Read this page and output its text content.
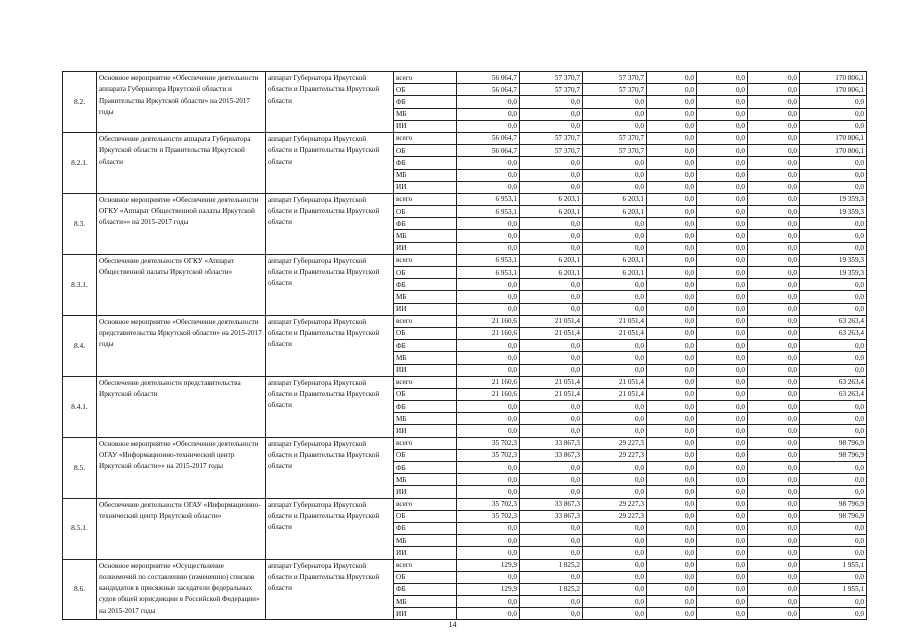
8.2.	Основное мероприятие «Обеспечение деятельности аппарата Губернатора Иркутской области и Правительства Иркутской области» на 2015-2017 годы	аппарат Губернатора Иркутской области и Правительства Иркутской области	всего	56 064,7	57 370,7	57 370,7	0,0	0,0	0,0	170 806,1
			ОБ	56 064,7	57 370,7	57 370,7	0,0	0,0	0,0	170 806,1
			ФБ	0,0	0,0	0,0	0,0	0,0	0,0	0,0
			МБ	0,0	0,0	0,0	0,0	0,0	0,0	0,0
			ИИ	0,0	0,0	0,0	0,0	0,0	0,0	0,0
8.2.1.	Обеспечение деятельности аппарата Губернатора Иркутской области и Правительства Иркутской области	аппарат Губернатора Иркутской области и Правительства Иркутской области	всего	56 064,7	57 370,7	57 370,7	0,0	0,0	0,0	170 806,1
			ОБ	56 064,7	57 370,7	57 370,7	0,0	0,0	0,0	170 806,1
			ФБ	0,0	0,0	0,0	0,0	0,0	0,0	0,0
			МБ	0,0	0,0	0,0	0,0	0,0	0,0	0,0
			ИИ	0,0	0,0	0,0	0,0	0,0	0,0	0,0
8.3.	Основное мероприятие «Обеспечение деятельности ОГКУ «Аппарат Общественной палаты Иркутской области»» на 2015-2017 годы	аппарат Губернатора Иркутской области и Правительства Иркутской области	всего	6 953,1	6 203,1	6 203,1	0,0	0,0	0,0	19 359,3
			ОБ	6 953,1	6 203,1	6 203,1	0,0	0,0	0,0	19 359,3
			ФБ	0,0	0,0	0,0	0,0	0,0	0,0	0,0
			МБ	0,0	0,0	0,0	0,0	0,0	0,0	0,0
			ИИ	0,0	0,0	0,0	0,0	0,0	0,0	0,0
8.3.1.	Обеспечение деятельности ОГКУ «Аппарат Общественной палаты Иркутской области»	аппарат Губернатора Иркутской области и Правительства Иркутской области	всего	6 953,1	6 203,1	6 203,1	0,0	0,0	0,0	19 359,3
			ОБ	6 953,1	6 203,1	6 203,1	0,0	0,0	0,0	19 359,3
			ФБ	0,0	0,0	0,0	0,0	0,0	0,0	0,0
			МБ	0,0	0,0	0,0	0,0	0,0	0,0	0,0
			ИИ	0,0	0,0	0,0	0,0	0,0	0,0	0,0
8.4.	Основное мероприятие «Обеспечение деятельности представительства Иркутской области» на 2015-2017 годы	аппарат Губернатора Иркутской области и Правительства Иркутской области	всего	21 160,6	21 051,4	21 051,4	0,0	0,0	0,0	63 263,4
			ОБ	21 160,6	21 051,4	21 051,4	0,0	0,0	0,0	63 263,4
			ФБ	0,0	0,0	0,0	0,0	0,0	0,0	0,0
			МБ	0,0	0,0	0,0	0,0	0,0	0,0	0,0
			ИИ	0,0	0,0	0,0	0,0	0,0	0,0	0,0
8.4.1.	Обеспечение деятельности представительства Иркутской области	аппарат Губернатора Иркутской области и Правительства Иркутской области	всего	21 160,6	21 051,4	21 051,4	0,0	0,0	0,0	63 263,4
			ОБ	21 160,6	21 051,4	21 051,4	0,0	0,0	0,0	63 263,4
			ФБ	0,0	0,0	0,0	0,0	0,0	0,0	0,0
			МБ	0,0	0,0	0,0	0,0	0,0	0,0	0,0
			ИИ	0,0	0,0	0,0	0,0	0,0	0,0	0,0
8.5.	Основное мероприятие «Обеспечение деятельности ОГАУ «Информационно-технический центр Иркутской области»» на 2015-2017 годы	аппарат Губернатора Иркутской области и Правительства Иркутской области	всего	35 702,3	33 867,3	29 227,3	0,0	0,0	0,0	98 796,9
			ОБ	35 702,3	33 867,3	29 227,3	0,0	0,0	0,0	98 796,9
			ФБ	0,0	0,0	0,0	0,0	0,0	0,0	0,0
			МБ	0,0	0,0	0,0	0,0	0,0	0,0	0,0
			ИИ	0,0	0,0	0,0	0,0	0,0	0,0	0,0
8.5.1.	Обеспечение деятельности ОГАУ «Информационно-технический центр Иркутской области»	аппарат Губернатора Иркутской области и Правительства Иркутской области	всего	35 702,3	33 867,3	29 227,3	0,0	0,0	0,0	98 796,9
			ОБ	35 702,3	33 867,3	29 227,3	0,0	0,0	0,0	98 796,9
			ФБ	0,0	0,0	0,0	0,0	0,0	0,0	0,0
			МБ	0,0	0,0	0,0	0,0	0,0	0,0	0,0
			ИИ	0,0	0,0	0,0	0,0	0,0	0,0	0,0
8.6.	Основное мероприятие «Осуществление полномочий по составлению (изменению) списков кандидатов в присяжные заседатели федеральных судов общей юрисдикции в Российской Федерации» на 2015-2017 годы	аппарат Губернатора Иркутской области и Правительства Иркутской области	всего	129,9	1 825,2	0,0	0,0	0,0	0,0	1 955,1
			ОБ	0,0	0,0	0,0	0,0	0,0	0,0	0,0
			ФБ	129,9	1 825,2	0,0	0,0	0,0	0,0	1 955,1
			МБ	0,0	0,0	0,0	0,0	0,0	0,0	0,0
			ИИ	0,0	0,0	0,0	0,0	0,0	0,0	0,0
14
